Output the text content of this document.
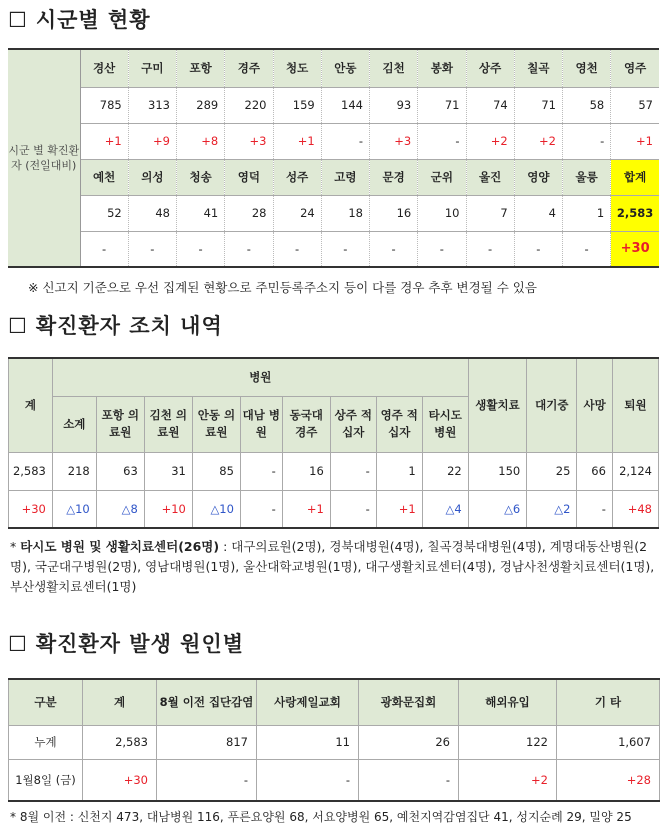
☐ 시군별 현황
시군 별 확진환자 (전일대비)	경산	구미	포항	경주	청도	안동	김천	봉화	상주	칠곡	영천	영주
	785	313	289	220	159	144	93	71	74	71	58	57
	+1	+9	+8	+3	+1	-	+3	-	+2	+2	-	+1
	예천	의성	청송	영덕	성주	고령	문경	군위	울진	영양	울릉	합계
	52	48	41	28	24	18	16	10	7	4	1	2,583
	-	-	-	-	-	-	-	-	-	-	-	+30
※ 신고지 기준으로 우선 집계된 현황으로 주민등록주소지 등이 다를 경우 추후 변경될 수 있음
☐ 확진환자 조치 내역
계	병원									생활치료	대기중	사망	퇴원
	소계	포항 의료원	김천 의료원	안동 의료원	대남 병원	동국대 경주	상주 적십자	영주 적십자	타시도 병원				
2,583	218	63	31	85	-	16	-	1	22	150	25	66	2,124
+30	△10	△8	+10	△10	-	+1	-	+1	△4	△6	△2	-	+48
* 타시도 병원 및 생활치료센터(26명) : 대구의료원(2명), 경북대병원(4명), 칠곡경북대병원(4명), 계명대동산병원(2명), 국군대구병원(2명), 영남대병원(1명), 울산대학교병원(1명), 대구생활치료센터(4명), 경남사천생활치료센터(1명), 부산생활치료센터(1명)
☐ 확진환자 발생 원인별
구분	계	8월 이전 집단감염	사랑제일교회	광화문집회	해외유입	기 타
누계	2,583	817	11	26	122	1,607
1월8일 (금)	+30	-	-	-	+2	+28
* 8월 이전 : 신천지 473, 대남병원 116, 푸른요양원 68, 서요양병원 65, 예천지역감염집단 41, 성지순례 29, 밀양 25
